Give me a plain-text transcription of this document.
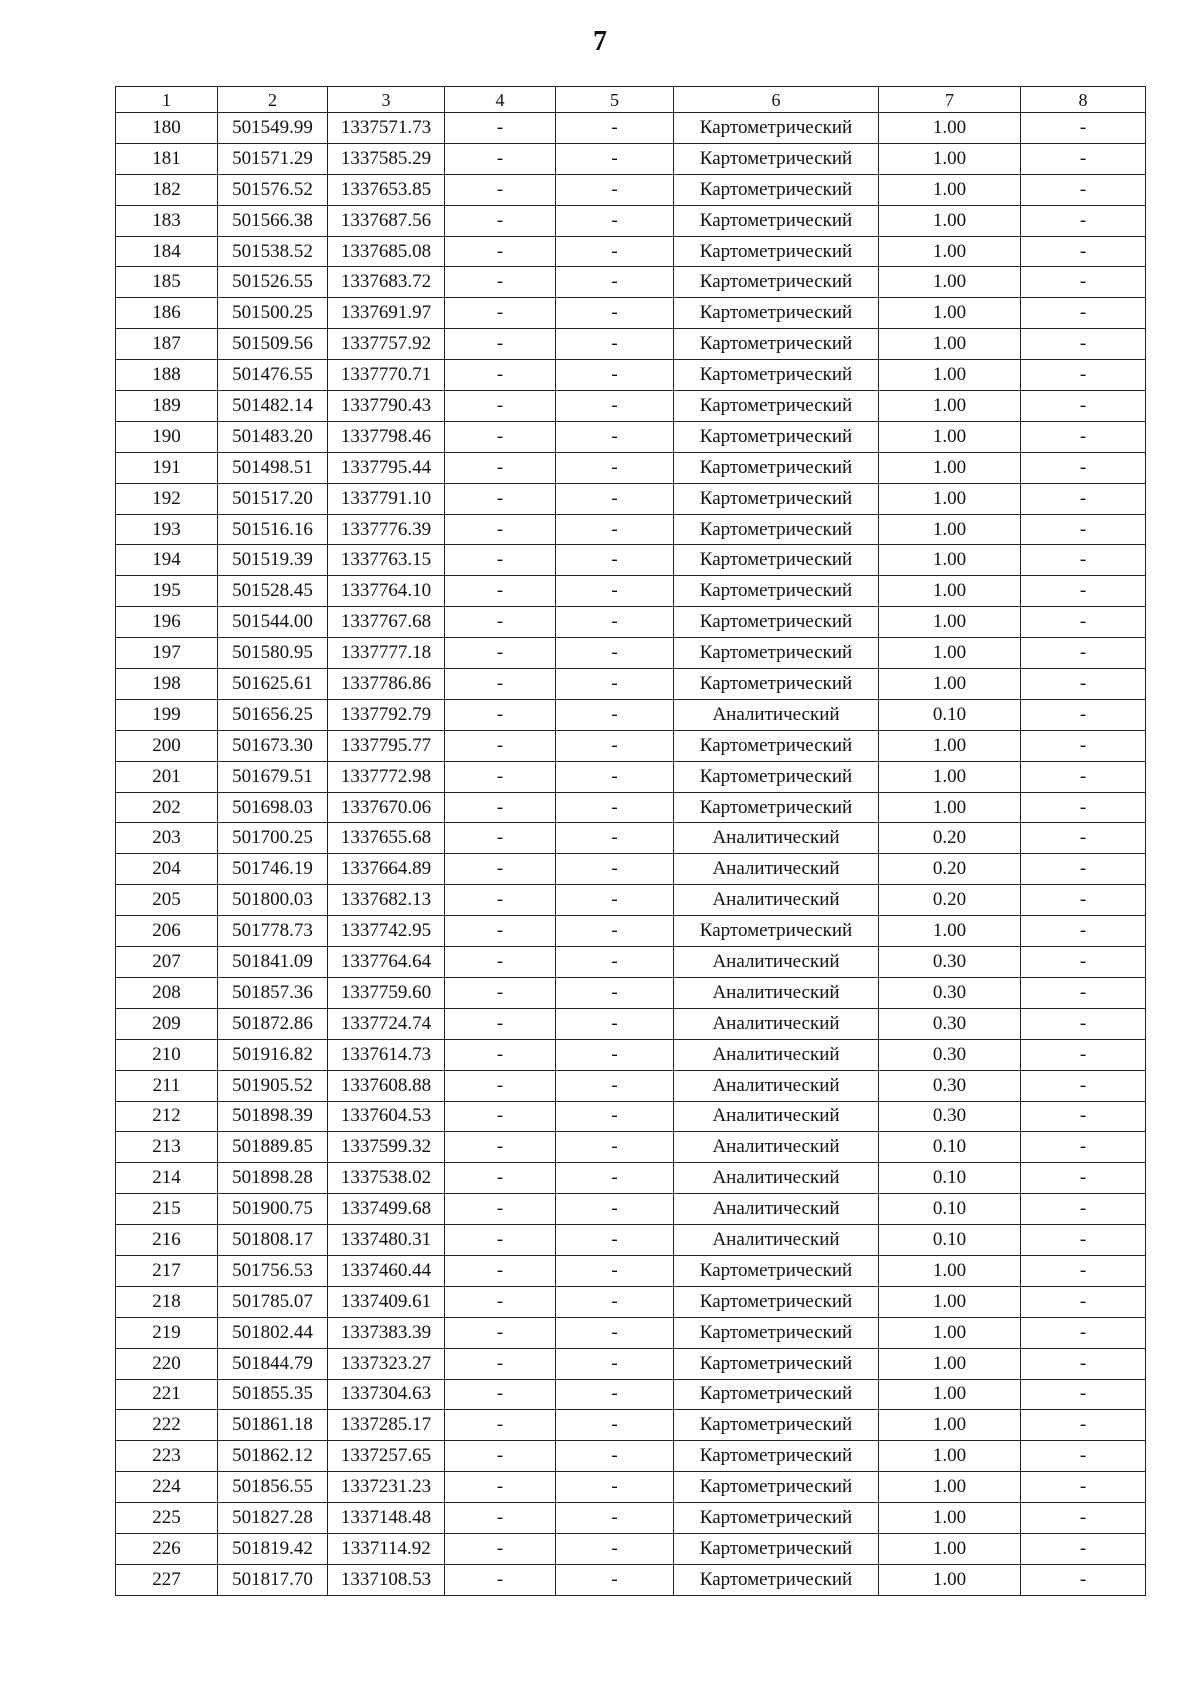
7
1	2	3	4	5	6	7	8
180	501549.99	1337571.73	-	-	Картометрический	1.00	-
181	501571.29	1337585.29	-	-	Картометрический	1.00	-
182	501576.52	1337653.85	-	-	Картометрический	1.00	-
183	501566.38	1337687.56	-	-	Картометрический	1.00	-
184	501538.52	1337685.08	-	-	Картометрический	1.00	-
185	501526.55	1337683.72	-	-	Картометрический	1.00	-
186	501500.25	1337691.97	-	-	Картометрический	1.00	-
187	501509.56	1337757.92	-	-	Картометрический	1.00	-
188	501476.55	1337770.71	-	-	Картометрический	1.00	-
189	501482.14	1337790.43	-	-	Картометрический	1.00	-
190	501483.20	1337798.46	-	-	Картометрический	1.00	-
191	501498.51	1337795.44	-	-	Картометрический	1.00	-
192	501517.20	1337791.10	-	-	Картометрический	1.00	-
193	501516.16	1337776.39	-	-	Картометрический	1.00	-
194	501519.39	1337763.15	-	-	Картометрический	1.00	-
195	501528.45	1337764.10	-	-	Картометрический	1.00	-
196	501544.00	1337767.68	-	-	Картометрический	1.00	-
197	501580.95	1337777.18	-	-	Картометрический	1.00	-
198	501625.61	1337786.86	-	-	Картометрический	1.00	-
199	501656.25	1337792.79	-	-	Аналитический	0.10	-
200	501673.30	1337795.77	-	-	Картометрический	1.00	-
201	501679.51	1337772.98	-	-	Картометрический	1.00	-
202	501698.03	1337670.06	-	-	Картометрический	1.00	-
203	501700.25	1337655.68	-	-	Аналитический	0.20	-
204	501746.19	1337664.89	-	-	Аналитический	0.20	-
205	501800.03	1337682.13	-	-	Аналитический	0.20	-
206	501778.73	1337742.95	-	-	Картометрический	1.00	-
207	501841.09	1337764.64	-	-	Аналитический	0.30	-
208	501857.36	1337759.60	-	-	Аналитический	0.30	-
209	501872.86	1337724.74	-	-	Аналитический	0.30	-
210	501916.82	1337614.73	-	-	Аналитический	0.30	-
211	501905.52	1337608.88	-	-	Аналитический	0.30	-
212	501898.39	1337604.53	-	-	Аналитический	0.30	-
213	501889.85	1337599.32	-	-	Аналитический	0.10	-
214	501898.28	1337538.02	-	-	Аналитический	0.10	-
215	501900.75	1337499.68	-	-	Аналитический	0.10	-
216	501808.17	1337480.31	-	-	Аналитический	0.10	-
217	501756.53	1337460.44	-	-	Картометрический	1.00	-
218	501785.07	1337409.61	-	-	Картометрический	1.00	-
219	501802.44	1337383.39	-	-	Картометрический	1.00	-
220	501844.79	1337323.27	-	-	Картометрический	1.00	-
221	501855.35	1337304.63	-	-	Картометрический	1.00	-
222	501861.18	1337285.17	-	-	Картометрический	1.00	-
223	501862.12	1337257.65	-	-	Картометрический	1.00	-
224	501856.55	1337231.23	-	-	Картометрический	1.00	-
225	501827.28	1337148.48	-	-	Картометрический	1.00	-
226	501819.42	1337114.92	-	-	Картометрический	1.00	-
227	501817.70	1337108.53	-	-	Картометрический	1.00	-
